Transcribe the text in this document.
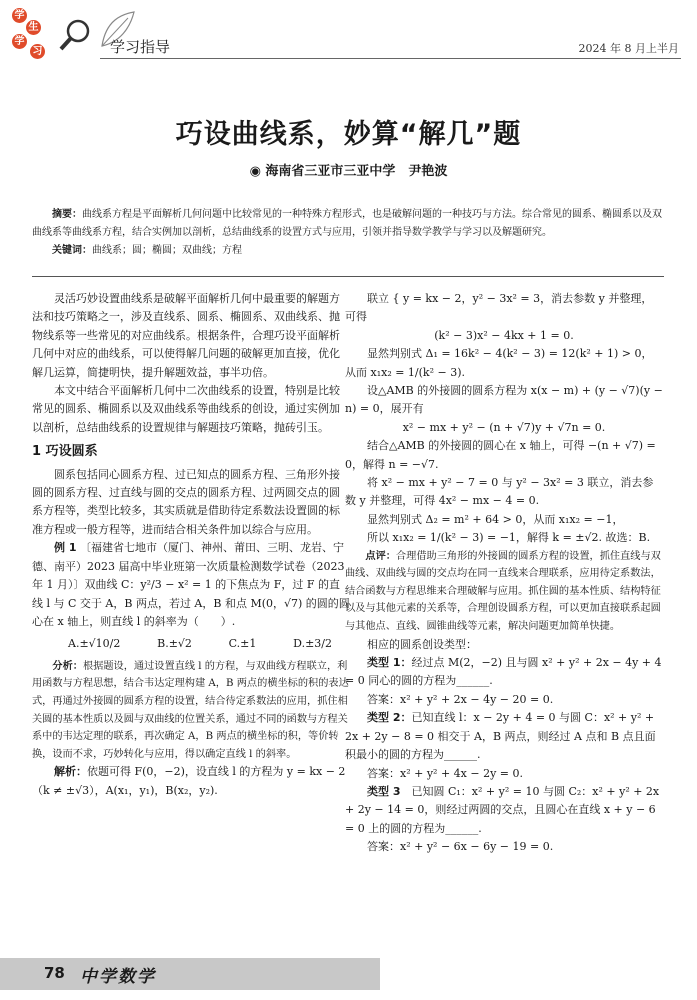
学
生
学
习	学习指导	2024 年 8 月上半月
巧设曲线系，妙算“解几”题
◉ 海南省三亚市三亚中学　尹艳波
摘要：曲线系方程是平面解析几何问题中比较常见的一种特殊方程形式，也是破解问题的一种技巧与方法。综合常见的圆系、椭圆系以及双曲线系等曲线系方程，结合实例加以剖析，总结曲线系的设置方式与应用，引领并指导数学教学与学习以及解题研究。
关键词：曲线系；圆；椭圆；双曲线；方程

灵活巧妙设置曲线系是破解平面解析几何中最重要的解题方法和技巧策略之一，涉及直线系、圆系、椭圆系、双曲线系、抛物线系等一些常见的对应曲线系。根据条件，合理巧设平面解析几何中对应的曲线系，可以使得解几问题的破解更加直接，优化解几运算，简捷明快，提升解题效益，事半功倍。

本文中结合平面解析几何中二次曲线系的设置，特别是比较常见的圆系、椭圆系以及双曲线系等曲线系的创设，通过实例加以剖析，总结曲线系的设置规律与解题技巧策略，抛砖引玉。

1 巧设圆系

圆系包括同心圆系方程、过已知点的圆系方程、三角形外接圆的圆系方程、过直线与圆的交点的圆系方程、过两圆交点的圆系方程等，类型比较多，其实质就是借助待定系数法设置圆的标准方程或一般方程等，进而结合相关条件加以综合与应用。

例 1 〔福建省七地市（厦门、神州、莆田、三明、龙岩、宁德、南平）2023 届高中毕业班第一次质量检测数学试卷（2023 年 1 月）〕双曲线 C：y²/3 − x² = 1 的下焦点为 F，过 F 的直线 l 与 C 交于 A，B 两点，若过 A，B 和点 M(0，√7) 的圆的圆心在 x 轴上，则直线 l 的斜率为（　　）.

A.±√10/2	B.±√2	C.±1	D.±3/2

分析：根据题设，通过设置直线 l 的方程，与双曲线方程联立，利用函数与方程思想，结合韦达定理构建 A，B 两点的横坐标的积的表达式，再通过外接圆的圆系方程的设置，结合待定系数法的应用，抓住相关圆的基本性质以及圆与双曲线的位置关系，通过不同的函数与方程关系中的韦达定理的联系，再次确定 A，B 两点的横坐标的积，等价转换，设而不求，巧妙转化与应用，得以确定直线 l 的斜率。

解析：依题可得 F(0，−2)，设直线 l 的方程为 y = kx − 2（k ≠ ±√3），A(x₁，y₁)，B(x₂，y₂).

联立 { y = kx − 2，y² − 3x² = 3，消去参数 y 并整理，可得

(k² − 3)x² − 4kx + 1 = 0.

显然判别式 Δ₁ = 16k² − 4(k² − 3) = 12(k² + 1) > 0，从而 x₁x₂ = 1/(k² − 3).

设△AMB 的外接圆的圆系方程为 x(x − m) + (y − √7)(y − n) = 0，展开有

x² − mx + y² − (n + √7)y + √7n = 0.

结合△AMB 的外接圆的圆心在 x 轴上，可得 −(n + √7) = 0，解得 n = −√7.

将 x² − mx + y² − 7 = 0 与 y² − 3x² = 3 联立，消去参数 y 并整理，可得 4x² − mx − 4 = 0.

显然判别式 Δ₂ = m² + 64 > 0，从而 x₁x₂ = −1，

所以 x₁x₂ = 1/(k² − 3) = −1，解得 k = ±√2. 故选：B.

点评：合理借助三角形的外接圆的圆系方程的设置，抓住直线与双曲线、双曲线与圆的交点均在同一直线来合理联系，应用待定系数法，结合函数与方程思维来合理破解与应用。抓住圆的基本性质、结构特征以及与其他元素的关系等，合理创设圆系方程，可以更加直接联系起圆与其他点、直线、圆锥曲线等元素，解决问题更加简单快捷。

相应的圆系创设类型：

类型 1：经过点 M(2，−2) 且与圆 x² + y² + 2x − 4y + 4 = 0 同心的圆的方程为______.

答案：x² + y² + 2x − 4y − 20 = 0.

类型 2：已知直线 l：x − 2y + 4 = 0 与圆 C：x² + y² + 2x + 2y − 8 = 0 相交于 A，B 两点，则经过 A 点和 B 点且面积最小的圆的方程为______.

答案：x² + y² + 4x − 2y = 0.

类型 3　 已知圆 C₁：x² + y² = 10 与圆 C₂：x² + y² + 2x + 2y − 14 = 0，则经过两圆的交点，且圆心在直线 x + y − 6 = 0 上的圆的方程为______.

答案：x² + y² − 6x − 6y − 19 = 0.

78 中学数学
